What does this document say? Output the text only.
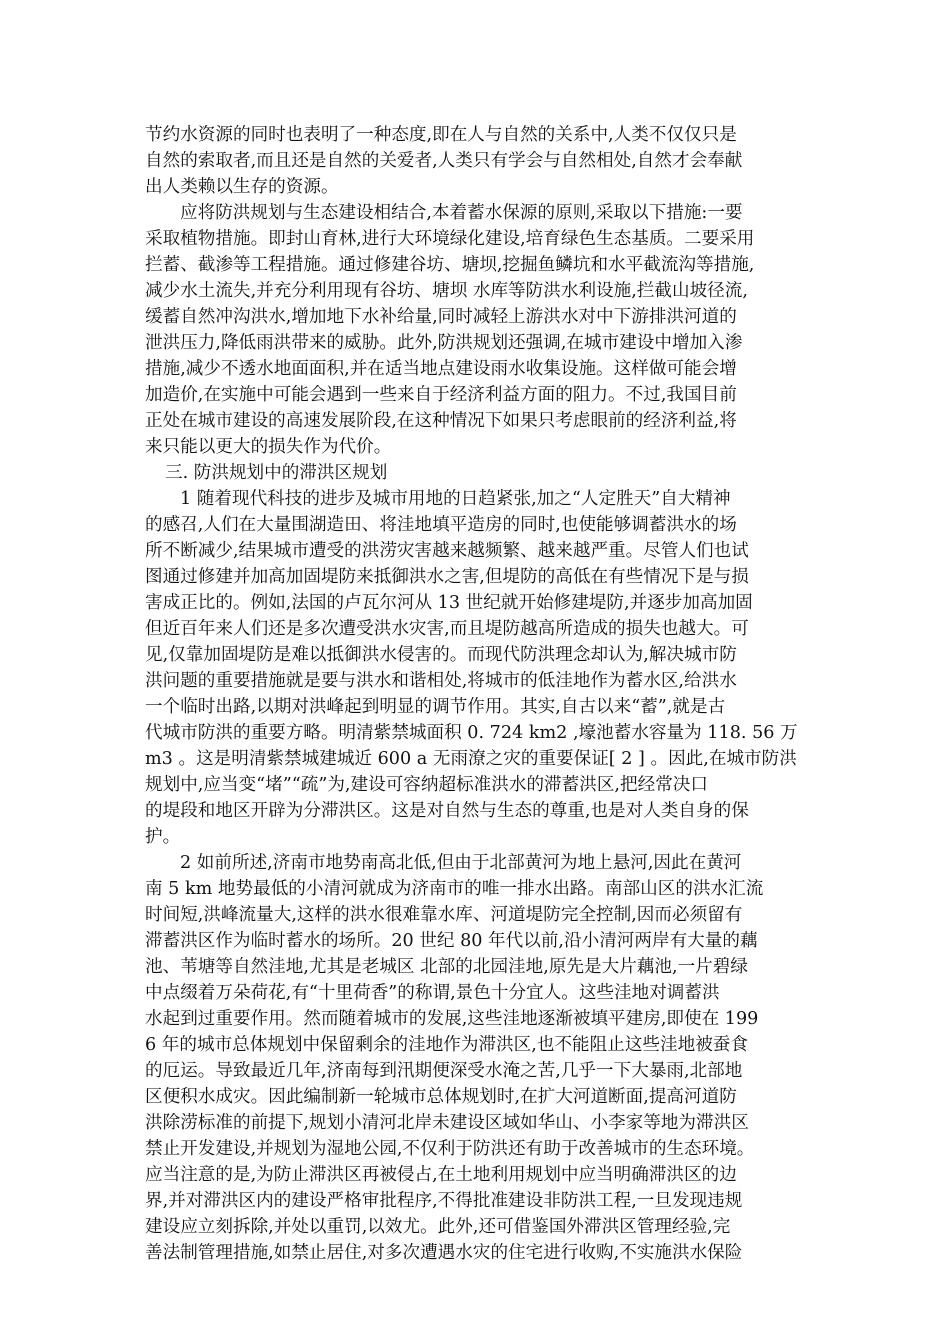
节约水资源的同时也表明了一种态度,即在人与自然的关系中,人类不仅仅只是
自然的索取者,而且还是自然的关爱者,人类只有学会与自然相处,自然才会奉献
出人类赖以生存的资源。

应将防洪规划与生态建设相结合,本着蓄水保源的原则,采取以下措施:一要
采取植物措施。即封山育林,进行大环境绿化建设,培育绿色生态基质。二要采用
拦蓄、截渗等工程措施。通过修建谷坊、塘坝,挖掘鱼鳞坑和水平截流沟等措施,
减少水土流失,并充分利用现有谷坊、塘坝 水库等防洪水利设施,拦截山坡径流,
缓蓄自然冲沟洪水,增加地下水补给量,同时减轻上游洪水对中下游排洪河道的
泄洪压力,降低雨洪带来的威胁。此外,防洪规划还强调,在城市建设中增加入渗
措施,减少不透水地面面积,并在适当地点建设雨水收集设施。这样做可能会增
加造价,在实施中可能会遇到一些来自于经济利益方面的阻力。不过,我国目前
正处在城市建设的高速发展阶段,在这种情况下如果只考虑眼前的经济利益,将
来只能以更大的损失作为代价。

三. 防洪规划中的滞洪区规划

1 随着现代科技的进步及城市用地的日趋紧张,加之“人定胜天”自大精神
的感召,人们在大量围湖造田、将洼地填平造房的同时,也使能够调蓄洪水的场
所不断减少,结果城市遭受的洪涝灾害越来越频繁、越来越严重。尽管人们也试
图通过修建并加高加固堤防来抵御洪水之害,但堤防的高低在有些情况下是与损
害成正比的。例如,法国的卢瓦尔河从 13 世纪就开始修建堤防,并逐步加高加固
但近百年来人们还是多次遭受洪水灾害,而且堤防越高所造成的损失也越大。可
见,仅靠加固堤防是难以抵御洪水侵害的。而现代防洪理念却认为,解决城市防
洪问题的重要措施就是要与洪水和谐相处,将城市的低洼地作为蓄水区,给洪水
一个临时出路,以期对洪峰起到明显的调节作用。其实,自古以来“蓄”,就是古
代城市防洪的重要方略。明清紫禁城面积 0. 724 km2 ,壕池蓄水容量为 118. 56 万
m3 。这是明清紫禁城建城近 600 a 无雨潦之灾的重要保证[ 2 ] 。因此,在城市防洪
规划中,应当变“堵”“疏”为,建设可容纳超标准洪水的滞蓄洪区,把经常决口
的堤段和地区开辟为分滞洪区。这是对自然与生态的尊重,也是对人类自身的保
护。

2 如前所述,济南市地势南高北低,但由于北部黄河为地上悬河,因此在黄河
南 5 km 地势最低的小清河就成为济南市的唯一排水出路。南部山区的洪水汇流
时间短,洪峰流量大,这样的洪水很难靠水库、河道堤防完全控制,因而必须留有
滞蓄洪区作为临时蓄水的场所。20 世纪 80 年代以前,沿小清河两岸有大量的藕
池、苇塘等自然洼地,尤其是老城区 北部的北园洼地,原先是大片藕池,一片碧绿
中点缀着万朵荷花,有“十里荷香”的称谓,景色十分宜人。这些洼地对调蓄洪
水起到过重要作用。然而随着城市的发展,这些洼地逐渐被填平建房,即使在 199
6 年的城市总体规划中保留剩余的洼地作为滞洪区,也不能阻止这些洼地被蚕食
的厄运。导致最近几年,济南每到汛期便深受水淹之苦,几乎一下大暴雨,北部地
区便积水成灾。因此编制新一轮城市总体规划时,在扩大河道断面,提高河道防
洪除涝标准的前提下,规划小清河北岸未建设区域如华山、小李家等地为滞洪区
禁止开发建设,并规划为湿地公园,不仅利于防洪还有助于改善城市的生态环境。
应当注意的是,为防止滞洪区再被侵占,在土地利用规划中应当明确滞洪区的边
界,并对滞洪区内的建设严格审批程序,不得批准建设非防洪工程,一旦发现违规
建设应立刻拆除,并处以重罚,以效尤。此外,还可借鉴国外滞洪区管理经验,完
善法制管理措施,如禁止居住,对多次遭遇水灾的住宅进行收购,不实施洪水保险
